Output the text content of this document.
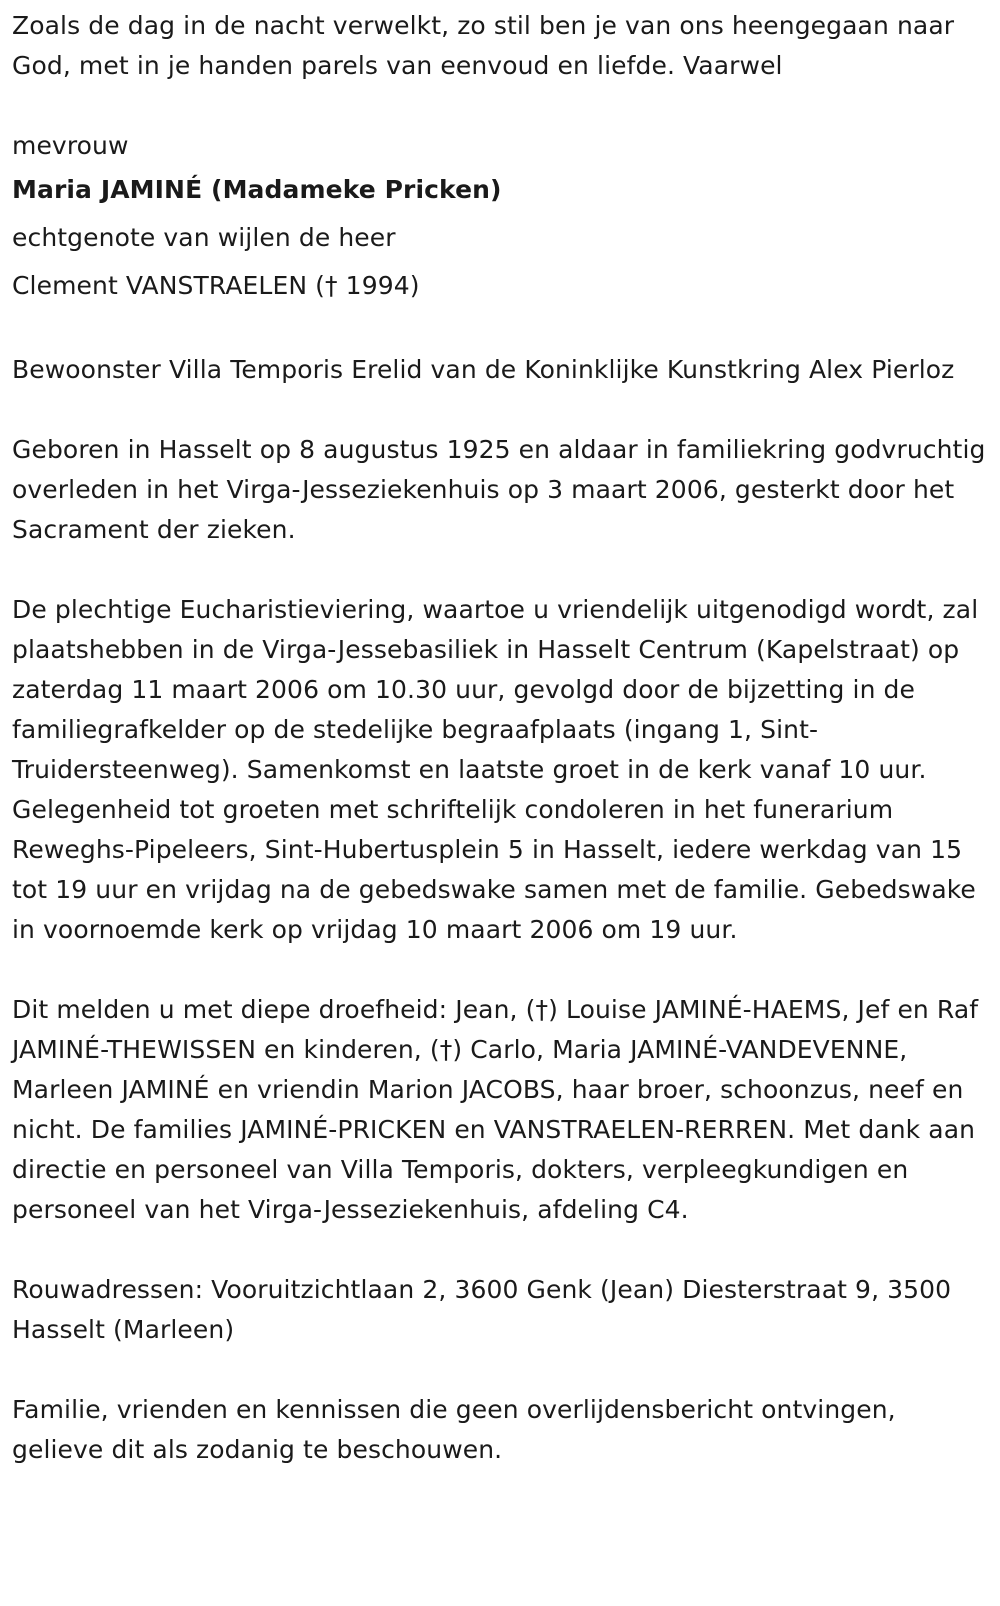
Zoals de dag in de nacht verwelkt, zo stil ben je van ons heengegaan naar God, met in je handen parels van eenvoud en liefde. Vaarwel

mevrouw

Maria JAMINÉ (Madameke Pricken)

echtgenote van wijlen de heer

Clement VANSTRAELEN († 1994)

Bewoonster Villa Temporis Erelid van de Koninklijke Kunstkring Alex Pierloz

Geboren in Hasselt op 8 augustus 1925 en aldaar in familiekring godvruchtig overleden in het Virga-Jesseziekenhuis op 3 maart 2006, gesterkt door het Sacrament der zieken.

De plechtige Eucharistieviering, waartoe u vriendelijk uitgenodigd wordt, zal plaatshebben in de Virga-Jessebasiliek in Hasselt Centrum (Kapelstraat) op zaterdag 11 maart 2006 om 10.30 uur, gevolgd door de bijzetting in de familiegrafkelder op de stedelijke begraafplaats (ingang 1, Sint-Truidersteenweg). Samenkomst en laatste groet in de kerk vanaf 10 uur. Gelegenheid tot groeten met schriftelijk condoleren in het funerarium Reweghs-Pipeleers, Sint-Hubertusplein 5 in Hasselt, iedere werkdag van 15 tot 19 uur en vrijdag na de gebedswake samen met de familie. Gebedswake in voornoemde kerk op vrijdag 10 maart 2006 om 19 uur.

Dit melden u met diepe droefheid: Jean, (†) Louise JAMINÉ-HAEMS, Jef en Raf JAMINÉ-THEWISSEN en kinderen, (†) Carlo, Maria JAMINÉ-VANDEVENNE, Marleen JAMINÉ en vriendin Marion JACOBS, haar broer, schoonzus, neef en nicht. De families JAMINÉ-PRICKEN en VANSTRAELEN-RERREN. Met dank aan directie en personeel van Villa Temporis, dokters, verpleegkundigen en personeel van het Virga-Jesseziekenhuis, afdeling C4.

Rouwadressen: Vooruitzichtlaan 2, 3600 Genk (Jean) Diesterstraat 9, 3500 Hasselt (Marleen)

Familie, vrienden en kennissen die geen overlijdensbericht ontvingen, gelieve dit als zodanig te beschouwen.
